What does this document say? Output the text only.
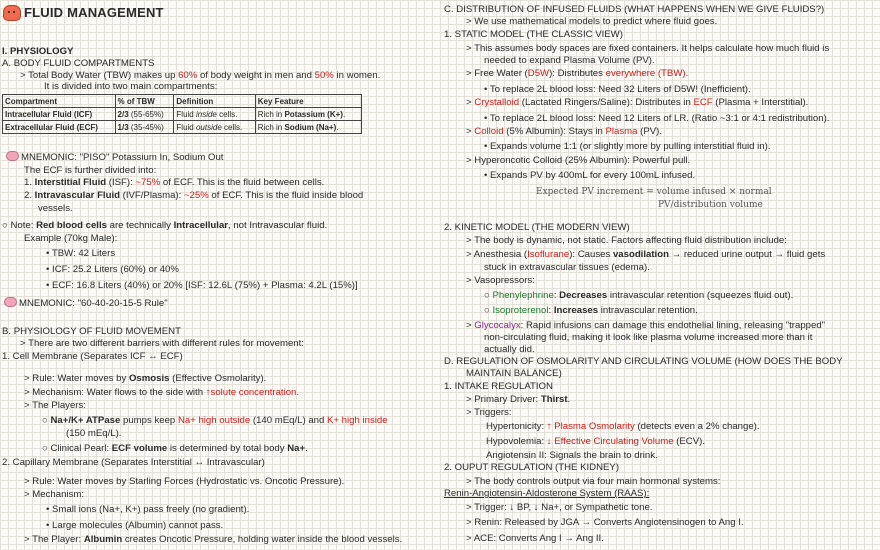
FLUID MANAGEMENT
I. PHYSIOLOGY
A. BODY FLUID COMPARTMENTS
> Total Body Water (TBW) makes up 60% of body weight in men and 50% in women.
It is divided into two main compartments:
Compartment	% of TBW	Definition	Key Feature
Intracellular Fluid (ICF)	2/3 (55-65%)	Fluid inside cells.	Rich in Potassium (K+).
Extracellular Fluid (ECF)	1/3 (35-45%)	Fluid outside cells.	Rich in Sodium (Na+).
MNEMONIC: "PISO" Potassium In, Sodium Out
The ECF is further divided into:
1. Interstitial Fluid (ISF): ~75% of ECF. This is the fluid between cells.
2. Intravascular Fluid (IVF/Plasma): ~25% of ECF. This is the fluid inside blood
vessels.
○ Note: Red blood cells are technically Intracellular, not Intravascular fluid.
Example (70kg Male):
• TBW: 42 Liters
• ICF: 25.2 Liters (60%) or 40%
• ECF: 16.8 Liters (40%) or 20% [ISF: 12.6L (75%) + Plasma: 4.2L (15%)]
MNEMONIC: "60-40-20-15-5 Rule"
B. PHYSIOLOGY OF FLUID MOVEMENT
> There are two different barriers with different rules for movement:
1. Cell Membrane (Separates ICF ↔ ECF)
> Rule: Water moves by Osmosis (Effective Osmolarity).
> Mechanism: Water flows to the side with ↑solute concentration.
> The Players:
○ Na+/K+ ATPase pumps keep Na+ high outside (140 mEq/L) and K+ high inside
(150 mEq/L).
○ Clinical Pearl: ECF volume is determined by total body Na+.
2. Capillary Membrane (Separates Interstitial ↔ Intravascular)
> Rule: Water moves by Starling Forces (Hydrostatic vs. Oncotic Pressure).
> Mechanism:
• Small ions (Na+, K+) pass freely (no gradient).
• Large molecules (Albumin) cannot pass.
> The Player: Albumin creates Oncotic Pressure, holding water inside the blood vessels.
C. DISTRIBUTION OF INFUSED FLUIDS (WHAT HAPPENS WHEN WE GIVE FLUIDS?)
> We use mathematical models to predict where fluid goes.
1. STATIC MODEL (THE CLASSIC VIEW)
> This assumes body spaces are fixed containers. It helps calculate how much fluid is
needed to expand Plasma Volume (PV).
> Free Water (D5W): Distributes everywhere (TBW).
• To replace 2L blood loss: Need 32 Liters of D5W! (Inefficient).
> Crystalloid (Lactated Ringers/Saline): Distributes in ECF (Plasma + Interstitial).
• To replace 2L blood loss: Need 12 Liters of LR. (Ratio ~3:1 or 4:1 redistribution).
> Colloid (5% Albumin): Stays in Plasma (PV).
• Expands volume 1:1 (or slightly more by pulling interstitial fluid in).
> Hyperoncotic Colloid (25% Albumin): Powerful pull.
• Expands PV by 400mL for every 100mL infused.
Expected PV increment = volume infused × normal
PV/distribution volume
2. KINETIC MODEL (THE MODERN VIEW)
> The body is dynamic, not static. Factors affecting fluid distribution include:
> Anesthesia (Isoflurane): Causes vasodilation → reduced urine output → fluid gets
stuck in extravascular tissues (edema).
> Vasopressors:
○ Phenylephrine: Decreases intravascular retention (squeezes fluid out).
○ Isoproterenol: Increases intravascular retention.
> Glycocalyx: Rapid infusions can damage this endothelial lining, releasing "trapped"
non-circulating fluid, making it look like plasma volume increased more than it
actually did.
D. REGULATION OF OSMOLARITY AND CIRCULATING VOLUME (HOW DOES THE BODY
MAINTAIN BALANCE)
1. INTAKE REGULATION
> Primary Driver: Thirst.
> Triggers:
Hypertonicity: ↑ Plasma Osmolarity (detects even a 2% change).
Hypovolemia: ↓ Effective Circulating Volume (ECV).
Angiotensin II: Signals the brain to drink.
2. OUPUT REGULATION (THE KIDNEY)
> The body controls output via four main hormonal systems:
Renin-Angiotensin-Aldosterone System (RAAS):
> Trigger: ↓ BP, ↓ Na+, or Sympathetic tone.
> Renin: Released by JGA → Converts Angiotensinogen to Ang I.
> ACE: Converts Ang I → Ang II.
